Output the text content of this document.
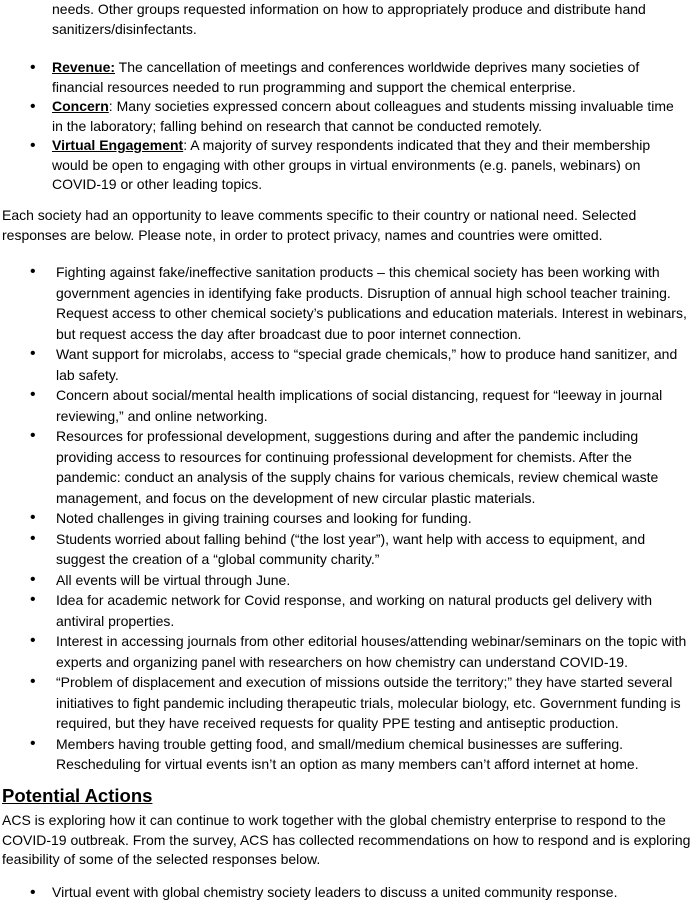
needs. Other groups requested information on how to appropriately produce and distribute hand sanitizers/disinfectants.

• Revenue: The cancellation of meetings and conferences worldwide deprives many societies of financial resources needed to run programming and support the chemical enterprise.
• Concern: Many societies expressed concern about colleagues and students missing invaluable time in the laboratory; falling behind on research that cannot be conducted remotely.
• Virtual Engagement: A majority of survey respondents indicated that they and their membership would be open to engaging with other groups in virtual environments (e.g. panels, webinars) on COVID-19 or other leading topics.

Each society had an opportunity to leave comments specific to their country or national need. Selected responses are below. Please note, in order to protect privacy, names and countries were omitted.

• Fighting against fake/ineffective sanitation products – this chemical society has been working with government agencies in identifying fake products. Disruption of annual high school teacher training. Request access to other chemical society’s publications and education materials. Interest in webinars, but request access the day after broadcast due to poor internet connection.
• Want support for microlabs, access to “special grade chemicals,” how to produce hand sanitizer, and lab safety.
• Concern about social/mental health implications of social distancing, request for “leeway in journal reviewing,” and online networking.
• Resources for professional development, suggestions during and after the pandemic including providing access to resources for continuing professional development for chemists. After the pandemic: conduct an analysis of the supply chains for various chemicals, review chemical waste management, and focus on the development of new circular plastic materials.
• Noted challenges in giving training courses and looking for funding.
• Students worried about falling behind (“the lost year”), want help with access to equipment, and suggest the creation of a “global community charity.”
• All events will be virtual through June.
• Idea for academic network for Covid response, and working on natural products gel delivery with antiviral properties.
• Interest in accessing journals from other editorial houses/attending webinar/seminars on the topic with experts and organizing panel with researchers on how chemistry can understand COVID-19.
• “Problem of displacement and execution of missions outside the territory;” they have started several initiatives to fight pandemic including therapeutic trials, molecular biology, etc. Government funding is required, but they have received requests for quality PPE testing and antiseptic production.
• Members having trouble getting food, and small/medium chemical businesses are suffering. Rescheduling for virtual events isn’t an option as many members can’t afford internet at home.
Potential Actions

ACS is exploring how it can continue to work together with the global chemistry enterprise to respond to the COVID-19 outbreak. From the survey, ACS has collected recommendations on how to respond and is exploring feasibility of some of the selected responses below.

• Virtual event with global chemistry society leaders to discuss a united community response.
